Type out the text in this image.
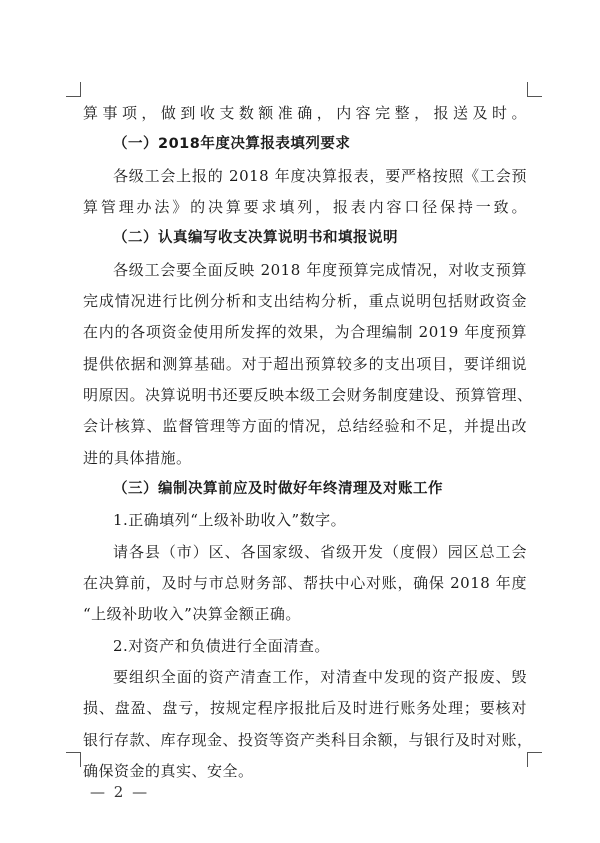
算事项，做到收支数额准确，内容完整，报送及时。
（一）2018年度决算报表填列要求
各级工会上报的 2018 年度决算报表，要严格按照《工会预
算管理办法》的决算要求填列，报表内容口径保持一致。
（二）认真编写收支决算说明书和填报说明
各级工会要全面反映 2018 年度预算完成情况，对收支预算
完成情况进行比例分析和支出结构分析，重点说明包括财政资金
在内的各项资金使用所发挥的效果，为合理编制 2019 年度预算
提供依据和测算基础。对于超出预算较多的支出项目，要详细说
明原因。决算说明书还要反映本级工会财务制度建设、预算管理、
会计核算、监督管理等方面的情况，总结经验和不足，并提出改
进的具体措施。
（三）编制决算前应及时做好年终清理及对账工作
1.正确填列“上级补助收入”数字。
请各县（市）区、各国家级、省级开发（度假）园区总工会
在决算前，及时与市总财务部、帮扶中心对账，确保 2018 年度
“上级补助收入”决算金额正确。
2.对资产和负债进行全面清查。
要组织全面的资产清查工作，对清查中发现的资产报废、毁
损、盘盈、盘亏，按规定程序报批后及时进行账务处理；要核对
银行存款、库存现金、投资等资产类科目余额，与银行及时对账，
确保资金的真实、安全。
— 2 —
